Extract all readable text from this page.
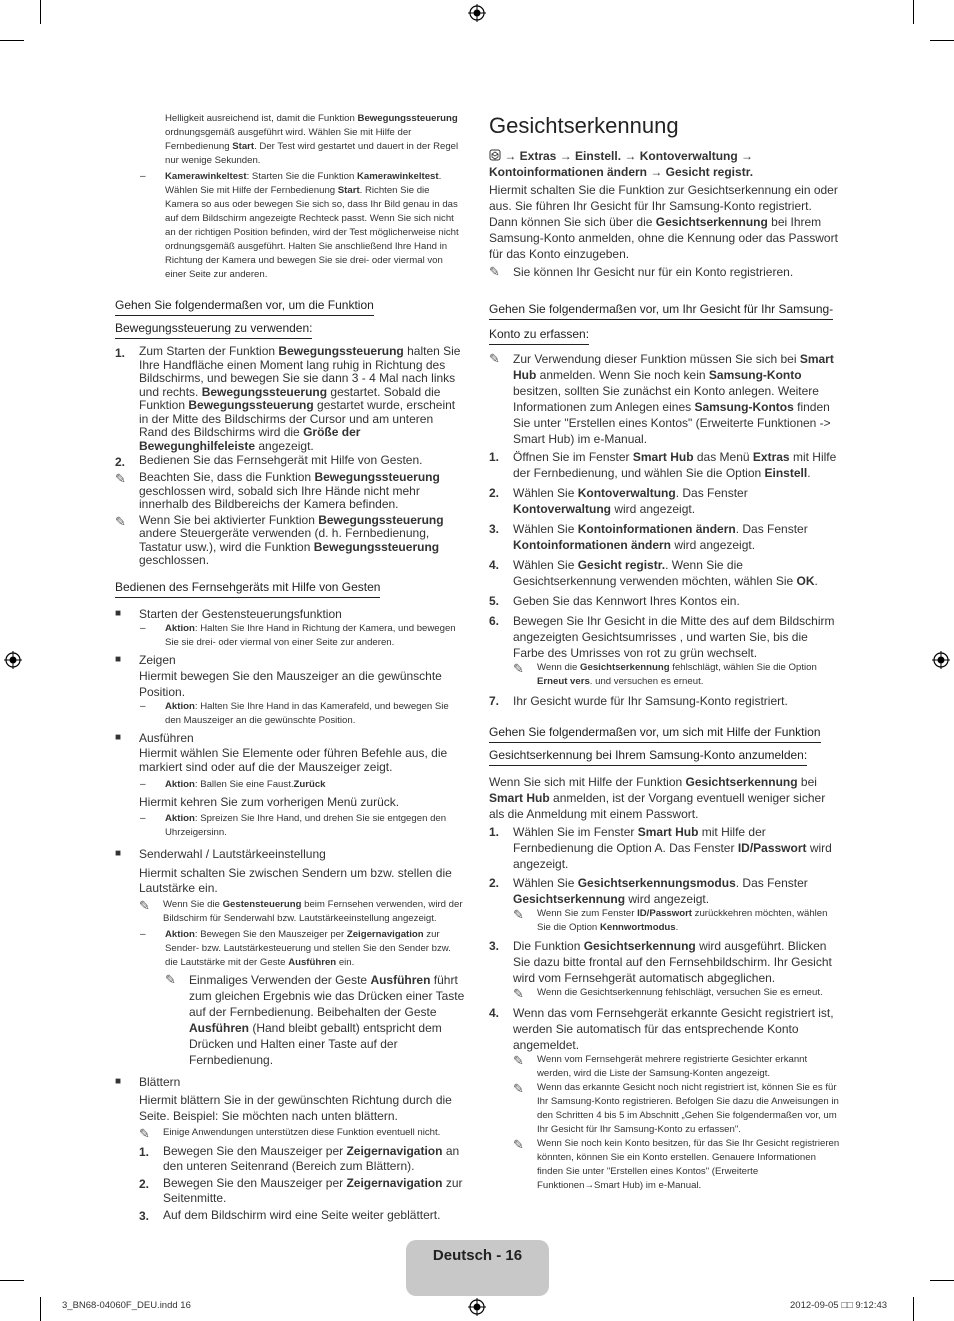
Helligkeit ausreichend ist, damit die Funktion Bewegungssteuerung ordnungsgemäß ausgeführt wird. Wählen Sie mit Hilfe der Fernbedienung Start. Der Test wird gestartet und dauert in der Regel nur wenige Sekunden.
–	Kamerawinkeltest: Starten Sie die Funktion Kamerawinkeltest. Wählen Sie mit Hilfe der Fernbedienung Start. Richten Sie die Kamera so aus oder bewegen Sie sich so, dass Ihr Bild genau in das auf dem Bildschirm angezeigte Rechteck passt. Wenn Sie sich nicht an der richtigen Position befinden, wird der Test möglicherweise nicht ordnungsgemäß ausgeführt. Halten Sie anschließend Ihre Hand in Richtung der Kamera und bewegen Sie sie drei- oder viermal von einer Seite zur anderen.
Gehen Sie folgendermaßen vor, um die Funktion
Bewegungssteuerung zu verwenden:
1.	Zum Starten der Funktion Bewegungssteuerung halten Sie Ihre Handfläche einen Moment lang ruhig in Richtung des Bildschirms, und bewegen Sie sie dann 3 - 4 Mal nach links und rechts. Bewegungssteuerung gestartet. Sobald die Funktion Bewegungssteuerung gestartet wurde, erscheint in der Mitte des Bildschirms der Cursor und am unteren Rand des Bildschirms wird die Größe der Bewegunghilfeleiste angezeigt.
2.	Bedienen Sie das Fernsehgerät mit Hilfe von Gesten.
✎	Beachten Sie, dass die Funktion Bewegungssteuerung geschlossen wird, sobald sich Ihre Hände nicht mehr innerhalb des Bildbereichs der Kamera befinden.
✎	Wenn Sie bei aktivierter Funktion Bewegungssteuerung andere Steuergeräte verwenden (d. h. Fernbedienung, Tastatur usw.), wird die Funktion Bewegungssteuerung geschlossen.
Bedienen des Fernsehgeräts mit Hilfe von Gesten
■	Starten der Gestensteuerungsfunktion
–	Aktion: Halten Sie Ihre Hand in Richtung der Kamera, und bewegen Sie sie drei- oder viermal von einer Seite zur anderen.
■	Zeigen
Hiermit bewegen Sie den Mauszeiger an die gewünschte Position.
–	Aktion: Halten Sie Ihre Hand in das Kamerafeld, und bewegen Sie den Mauszeiger an die gewünschte Position.
■	Ausführen
Hiermit wählen Sie Elemente oder führen Befehle aus, die markiert sind oder auf die der Mauszeiger zeigt.
–	Aktion: Ballen Sie eine Faust.Zurück
Hiermit kehren Sie zum vorherigen Menü zurück.
–	Aktion: Spreizen Sie Ihre Hand, und drehen Sie sie entgegen den Uhrzeigersinn.
■	Senderwahl / Lautstärkeeinstellung
Hiermit schalten Sie zwischen Sendern um bzw. stellen die Lautstärke ein.
✎	Wenn Sie die Gestensteuerung beim Fernsehen verwenden, wird der Bildschirm für Senderwahl bzw. Lautstärkeeinstellung angezeigt.
–	Aktion: Bewegen Sie den Mauszeiger per Zeigernavigation zur Sender- bzw. Lautstärkesteuerung und stellen Sie den Sender bzw. die Lautstärke mit der Geste Ausführen ein.
✎	Einmaliges Verwenden der Geste Ausführen führt zum gleichen Ergebnis wie das Drücken einer Taste auf der Fernbedienung. Beibehalten der Geste Ausführen (Hand bleibt geballt) entspricht dem Drücken und Halten einer Taste auf der Fernbedienung.
■	Blättern
Hiermit blättern Sie in der gewünschten Richtung durch die Seite. Beispiel: Sie möchten nach unten blättern.
✎	Einige Anwendungen unterstützen diese Funktion eventuell nicht.
1.	Bewegen Sie den Mauszeiger per Zeigernavigation an den unteren Seitenrand (Bereich zum Blättern).
2.	Bewegen Sie den Mauszeiger per Zeigernavigation zur Seitenmitte.
3.	Auf dem Bildschirm wird eine Seite weiter geblättert.
Gesichtserkennung
→ Extras → Einstell. → Kontoverwaltung → Kontoinformationen ändern → Gesicht registr.
Hiermit schalten Sie die Funktion zur Gesichtserkennung ein oder aus. Sie führen Ihr Gesicht für Ihr Samsung-Konto registriert. Dann können Sie sich über die Gesichtserkennung bei Ihrem Samsung-Konto anmelden, ohne die Kennung oder das Passwort für das Konto einzugeben.
✎	Sie können Ihr Gesicht nur für ein Konto registrieren.
Gehen Sie folgendermaßen vor, um Ihr Gesicht für Ihr Samsung-
Konto zu erfassen:
✎	Zur Verwendung dieser Funktion müssen Sie sich bei Smart Hub anmelden. Wenn Sie noch kein Samsung-Konto besitzen, sollten Sie zunächst ein Konto anlegen. Weitere Informationen zum Anlegen eines Samsung-Kontos finden Sie unter "Erstellen eines Kontos" (Erweiterte Funktionen -> Smart Hub) im e-Manual.
1.	Öffnen Sie im Fenster Smart Hub das Menü Extras mit Hilfe der Fernbedienung, und wählen Sie die Option Einstell.
2.	Wählen Sie Kontoverwaltung. Das Fenster Kontoverwaltung wird angezeigt.
3.	Wählen Sie Kontoinformationen ändern. Das Fenster Kontoinformationen ändern wird angezeigt.
4.	Wählen Sie Gesicht registr.. Wenn Sie die Gesichtserkennung verwenden möchten, wählen Sie OK.
5.	Geben Sie das Kennwort Ihres Kontos ein.
6.	Bewegen Sie Ihr Gesicht in die Mitte des auf dem Bildschirm angezeigten Gesichtsumrisses , und warten Sie, bis die Farbe des Umrisses von rot zu grün wechselt.
✎	Wenn die Gesichtserkennung fehlschlägt, wählen Sie die Option Erneut vers. und versuchen es erneut.
7.	Ihr Gesicht wurde für Ihr Samsung-Konto registriert.
Gehen Sie folgendermaßen vor, um sich mit Hilfe der Funktion
Gesichtserkennung bei Ihrem Samsung-Konto anzumelden:
Wenn Sie sich mit Hilfe der Funktion Gesichtserkennung bei Smart Hub anmelden, ist der Vorgang eventuell weniger sicher als die Anmeldung mit einem Passwort.
1.	Wählen Sie im Fenster Smart Hub mit Hilfe der Fernbedienung die Option A. Das Fenster ID/Passwort wird angezeigt.
2.	Wählen Sie Gesichtserkennungsmodus. Das Fenster Gesichtserkennung wird angezeigt.
✎	Wenn Sie zum Fenster ID/Passwort zurückkehren möchten, wählen Sie die Option Kennwortmodus.
3.	Die Funktion Gesichtserkennung wird ausgeführt. Blicken Sie dazu bitte frontal auf den Fernsehbildschirm. Ihr Gesicht wird vom Fernsehgerät automatisch abgeglichen.
✎	Wenn die Gesichtserkennung fehlschlägt, versuchen Sie es erneut.
4.	Wenn das vom Fernsehgerät erkannte Gesicht registriert ist, werden Sie automatisch für das entsprechende Konto angemeldet.
✎	Wenn vom Fernsehgerät mehrere registrierte Gesichter erkannt werden, wird die Liste der Samsung-Konten angezeigt.
✎	Wenn das erkannte Gesicht noch nicht registriert ist, können Sie es für Ihr Samsung-Konto registrieren. Befolgen Sie dazu die Anweisungen in den Schritten 4 bis 5 im Abschnitt „Gehen Sie folgendermaßen vor, um Ihr Gesicht für Ihr Samsung-Konto zu erfassen".
✎	Wenn Sie noch kein Konto besitzen, für das Sie Ihr Gesicht registrieren könnten, können Sie ein Konto erstellen. Genauere Informationen finden Sie unter "Erstellen eines Kontos" (Erweiterte Funktionen→Smart Hub) im e-Manual.
Deutsch - 16
3_BN68-04060F_DEU.indd 16	2012-09-05 □□ 9:12:43
